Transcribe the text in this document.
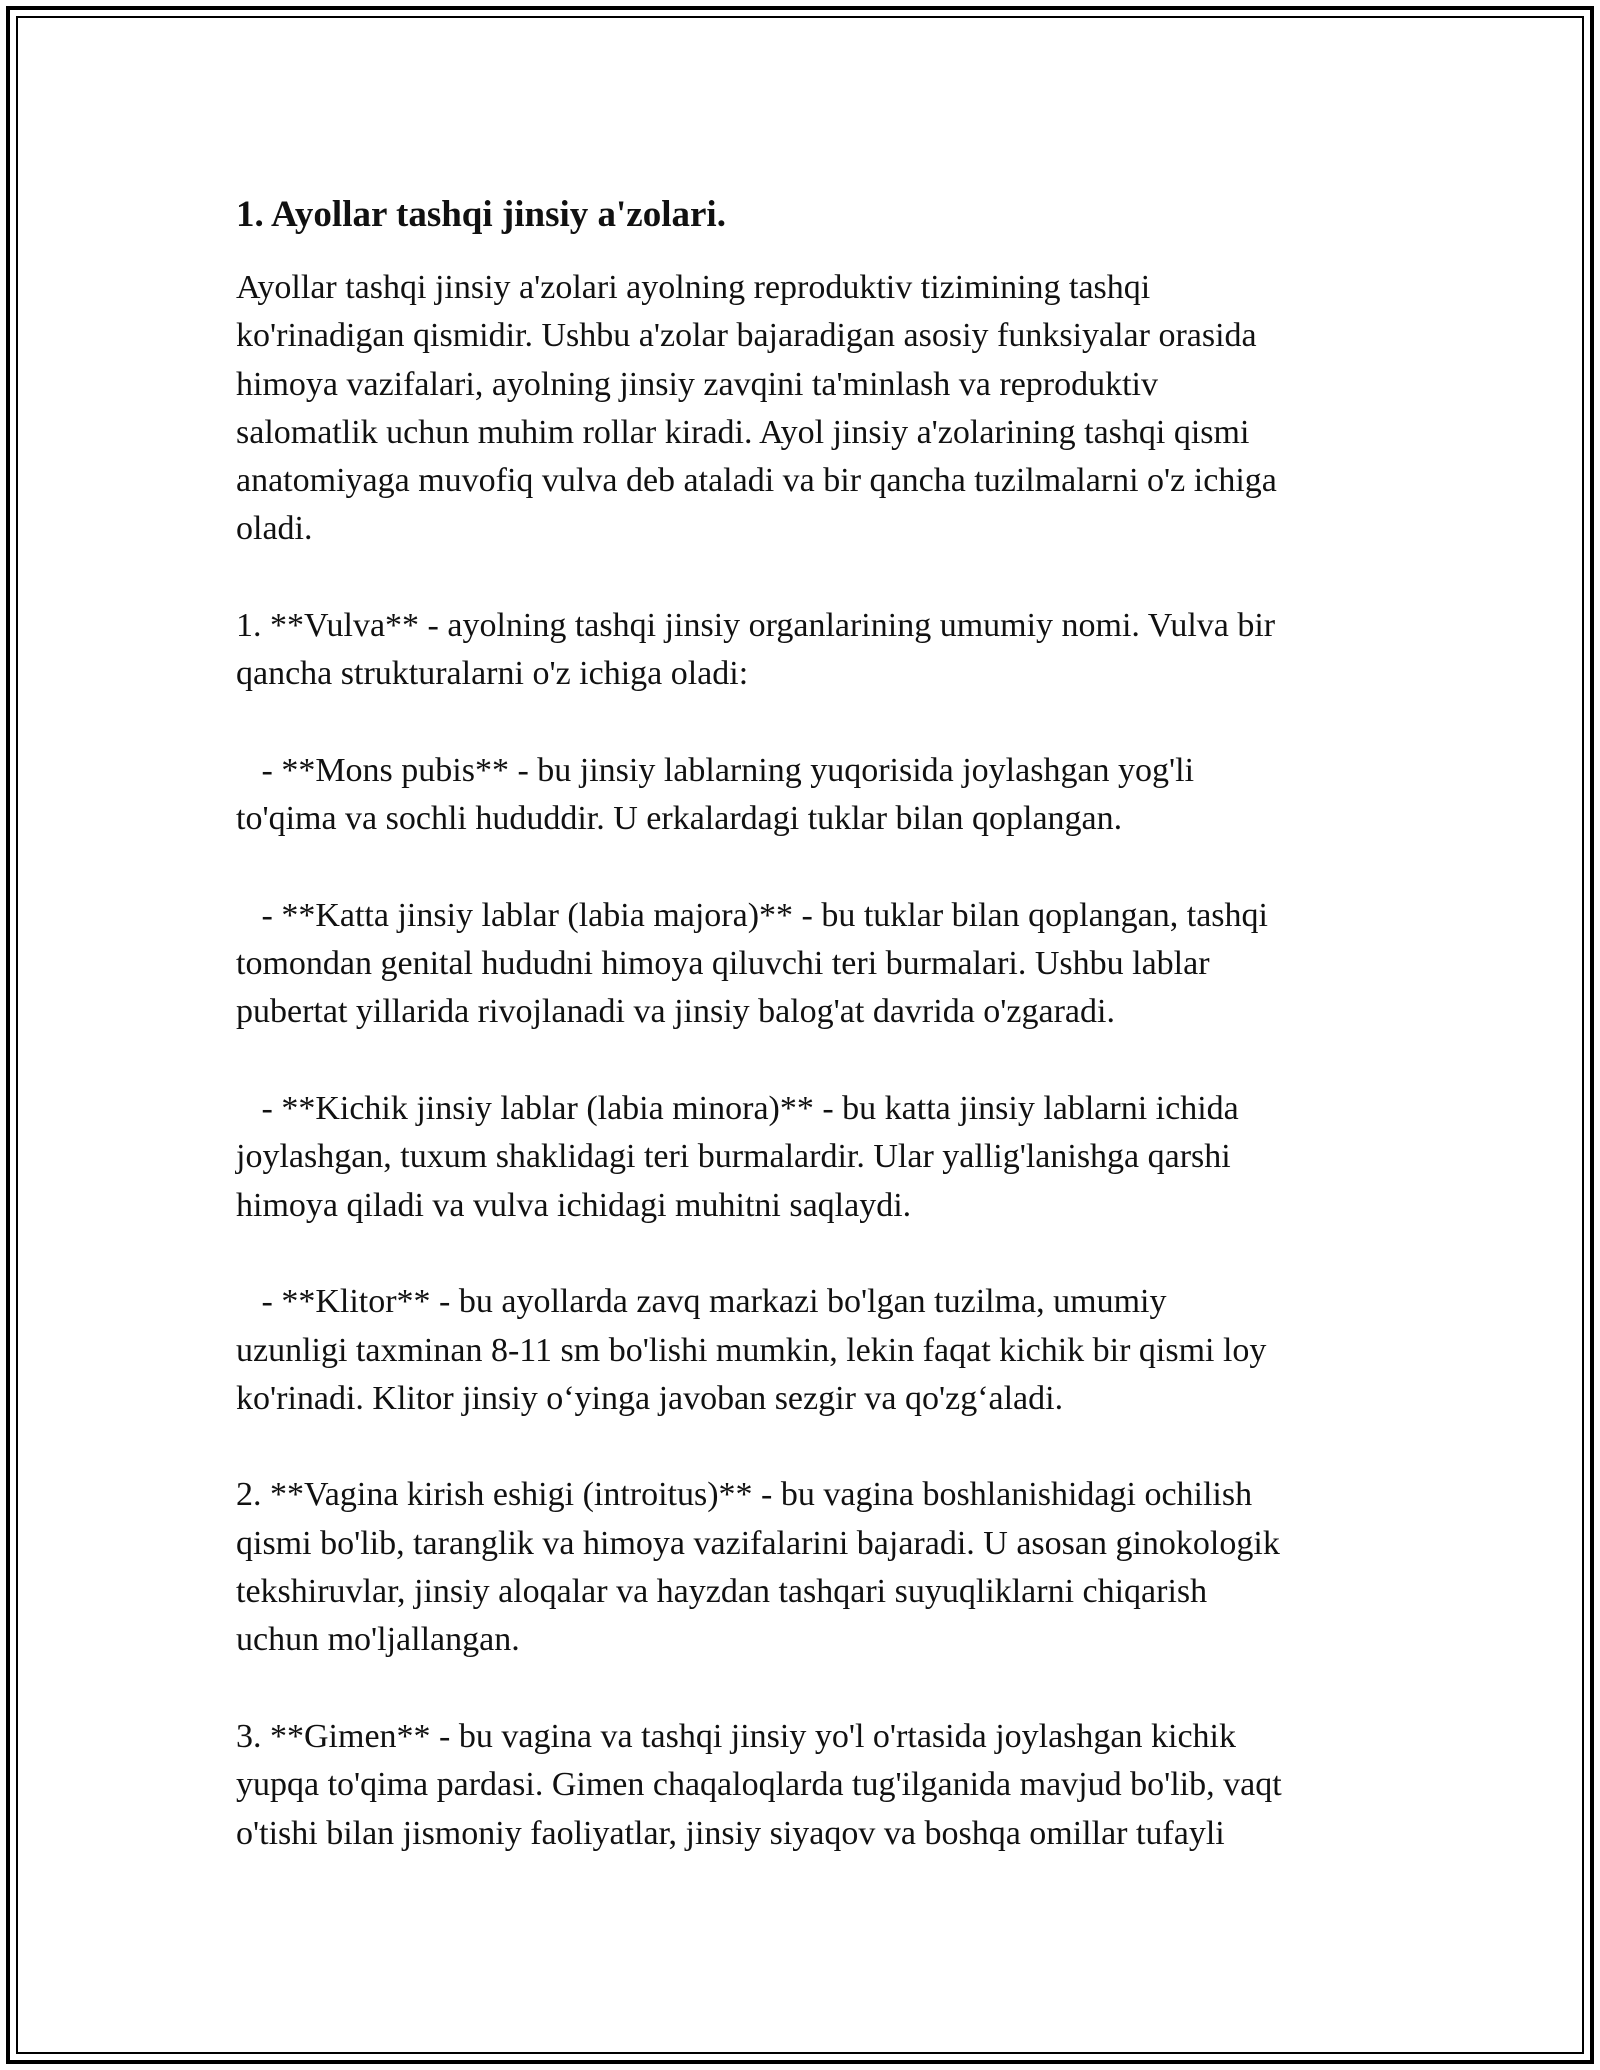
1. Ayollar tashqi jinsiy a'zolari.

Ayollar tashqi jinsiy a'zolari ayolning reproduktiv tizimining tashqi
ko'rinadigan qismidir. Ushbu a'zolar bajaradigan asosiy funksiyalar orasida
himoya vazifalari, ayolning jinsiy zavqini ta'minlash va reproduktiv
salomatlik uchun muhim rollar kiradi. Ayol jinsiy a'zolarining tashqi qismi
anatomiyaga muvofiq vulva deb ataladi va bir qancha tuzilmalarni o'z ichiga
oladi.

1. **Vulva** - ayolning tashqi jinsiy organlarining umumiy nomi. Vulva bir
qancha strukturalarni o'z ichiga oladi:

- **Mons pubis** - bu jinsiy lablarning yuqorisida joylashgan yog'li
to'qima va sochli hududdir. U erkalardagi tuklar bilan qoplangan.

- **Katta jinsiy lablar (labia majora)** - bu tuklar bilan qoplangan, tashqi
tomondan genital hududni himoya qiluvchi teri burmalari. Ushbu lablar
pubertat yillarida rivojlanadi va jinsiy balog'at davrida o'zgaradi.

- **Kichik jinsiy lablar (labia minora)** - bu katta jinsiy lablarni ichida
joylashgan, tuxum shaklidagi teri burmalardir. Ular yallig'lanishga qarshi
himoya qiladi va vulva ichidagi muhitni saqlaydi.

- **Klitor** - bu ayollarda zavq markazi bo'lgan tuzilma, umumiy
uzunligi taxminan 8-11 sm bo'lishi mumkin, lekin faqat kichik bir qismi loy
ko'rinadi. Klitor jinsiy o‘yinga javoban sezgir va qo'zg‘aladi.

2. **Vagina kirish eshigi (introitus)** - bu vagina boshlanishidagi ochilish
qismi bo'lib, taranglik va himoya vazifalarini bajaradi. U asosan ginokologik
tekshiruvlar, jinsiy aloqalar va hayzdan tashqari suyuqliklarni chiqarish
uchun mo'ljallangan.

3. **Gimen** - bu vagina va tashqi jinsiy yo'l o'rtasida joylashgan kichik
yupqa to'qima pardasi. Gimen chaqaloqlarda tug'ilganida mavjud bo'lib, vaqt
o'tishi bilan jismoniy faoliyatlar, jinsiy siyaqov va boshqa omillar tufayli
